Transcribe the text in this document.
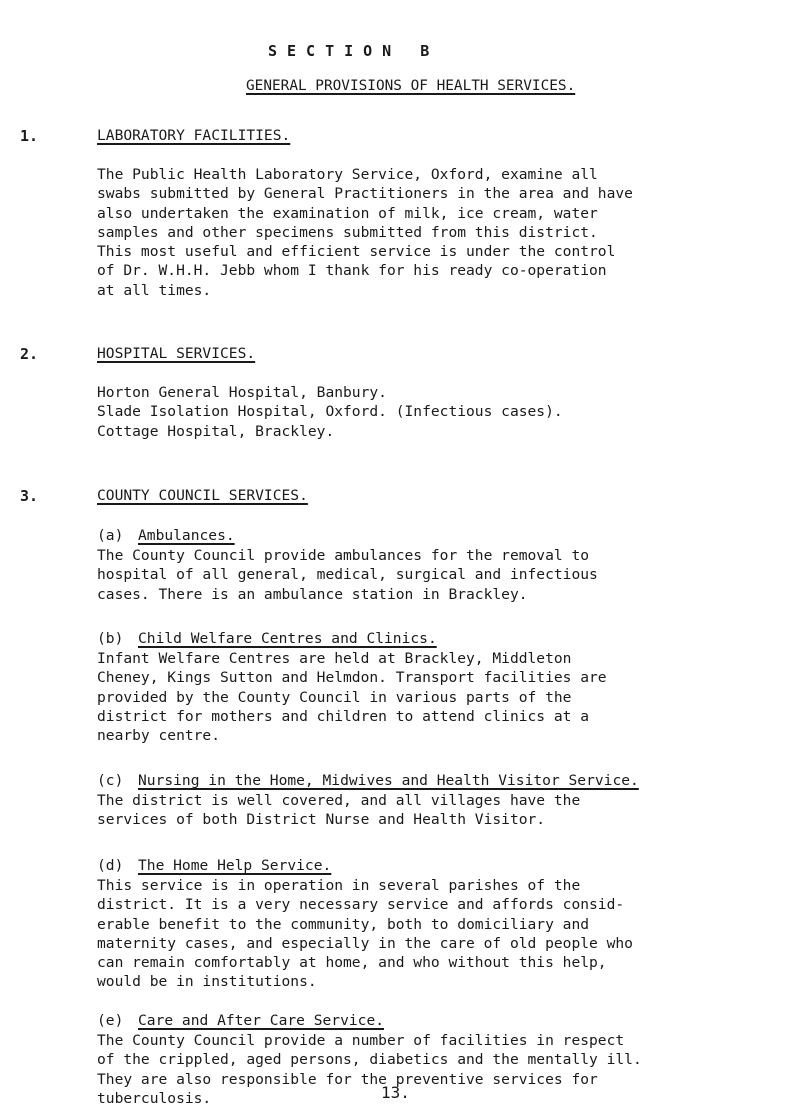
SECTION B
GENERAL PROVISIONS OF HEALTH SERVICES.
1.	LABORATORY FACILITIES.
The Public Health Laboratory Service, Oxford, examine all
swabs submitted by General Practitioners in the area and have
also undertaken the examination of milk, ice cream, water
samples and other specimens submitted from this district.
This most useful and efficient service is under the control
of Dr. W.H.H. Jebb whom I thank for his ready co-operation
at all times.
2.	HOSPITAL SERVICES.
Horton General Hospital, Banbury.
Slade Isolation Hospital, Oxford. (Infectious cases).
Cottage Hospital, Brackley.
3.	COUNTY COUNCIL SERVICES.
(a) Ambulances.
The County Council provide ambulances for the removal to
hospital of all general, medical, surgical and infectious
cases. There is an ambulance station in Brackley.
(b) Child Welfare Centres and Clinics.
Infant Welfare Centres are held at Brackley, Middleton
Cheney, Kings Sutton and Helmdon. Transport facilities are
provided by the County Council in various parts of the
district for mothers and children to attend clinics at a
nearby centre.
(c) Nursing in the Home, Midwives and Health Visitor Service.
The district is well covered, and all villages have the
services of both District Nurse and Health Visitor.
(d) The Home Help Service.
This service is in operation in several parishes of the
district. It is a very necessary service and affords consid-
erable benefit to the community, both to domiciliary and
maternity cases, and especially in the care of old people who
can remain comfortably at home, and who without this help,
would be in institutions.
(e) Care and After Care Service.
The County Council provide a number of facilities in respect
of the crippled, aged persons, diabetics and the mentally ill.
They are also responsible for the preventive services for
tuberculosis.	13.
